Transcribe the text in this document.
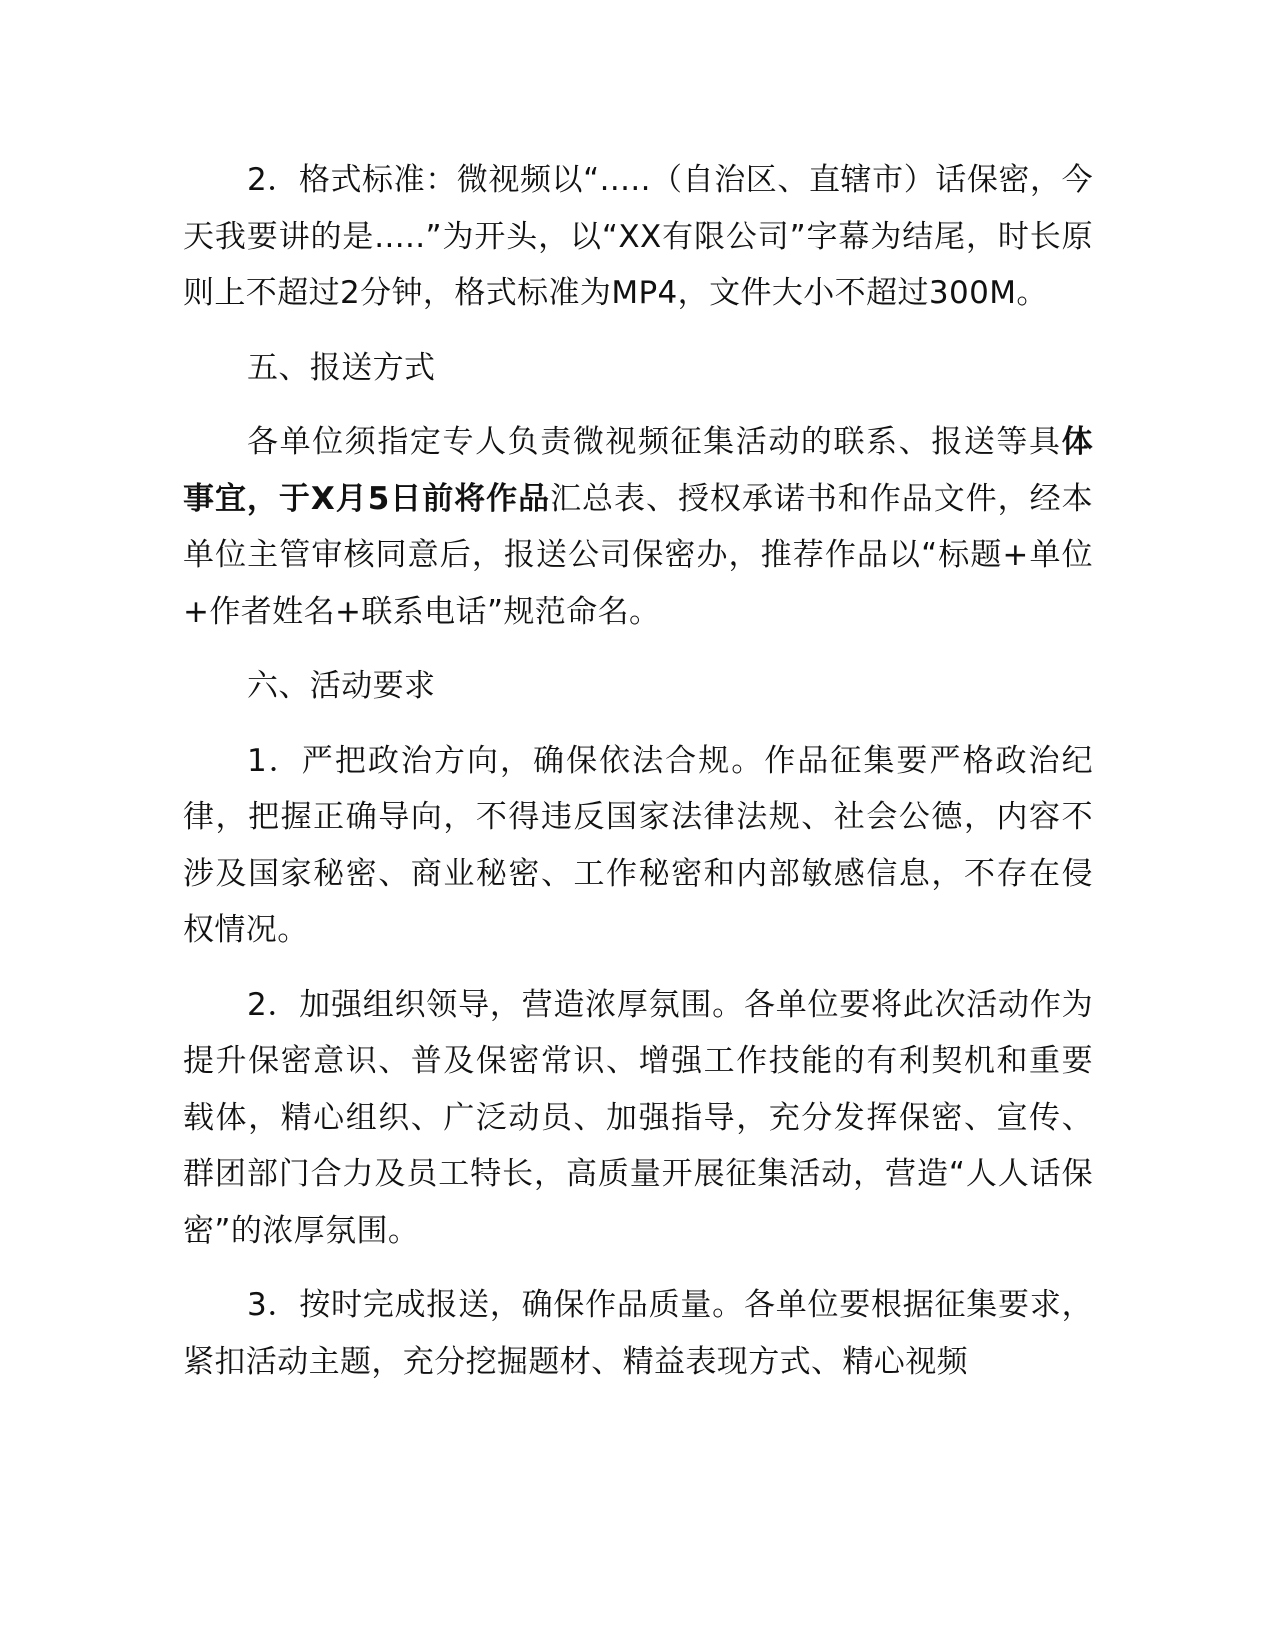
2．格式标准：微视频以“.....（自治区、直辖市）话保密，今天我要讲的是.....”为开头，以“XX有限公司”字幕为结尾，时长原则上不超过2分钟，格式标准为MP4，文件大小不超过300M。

五、报送方式

各单位须指定专人负责微视频征集活动的联系、报送等具体事宜，于X月5日前将作品汇总表、授权承诺书和作品文件，经本单位主管审核同意后，报送公司保密办，推荐作品以“标题+单位+作者姓名+联系电话”规范命名。

六、活动要求

1．严把政治方向，确保依法合规。作品征集要严格政治纪律，把握正确导向，不得违反国家法律法规、社会公德，内容不涉及国家秘密、商业秘密、工作秘密和内部敏感信息，不存在侵权情况。

2．加强组织领导，营造浓厚氛围。各单位要将此次活动作为提升保密意识、普及保密常识、增强工作技能的有利契机和重要载体，精心组织、广泛动员、加强指导，充分发挥保密、宣传、群团部门合力及员工特长，高质量开展征集活动，营造“人人话保密”的浓厚氛围。

3．按时完成报送，确保作品质量。各单位要根据征集要求，紧扣活动主题，充分挖掘题材、精益表现方式、精心视频
